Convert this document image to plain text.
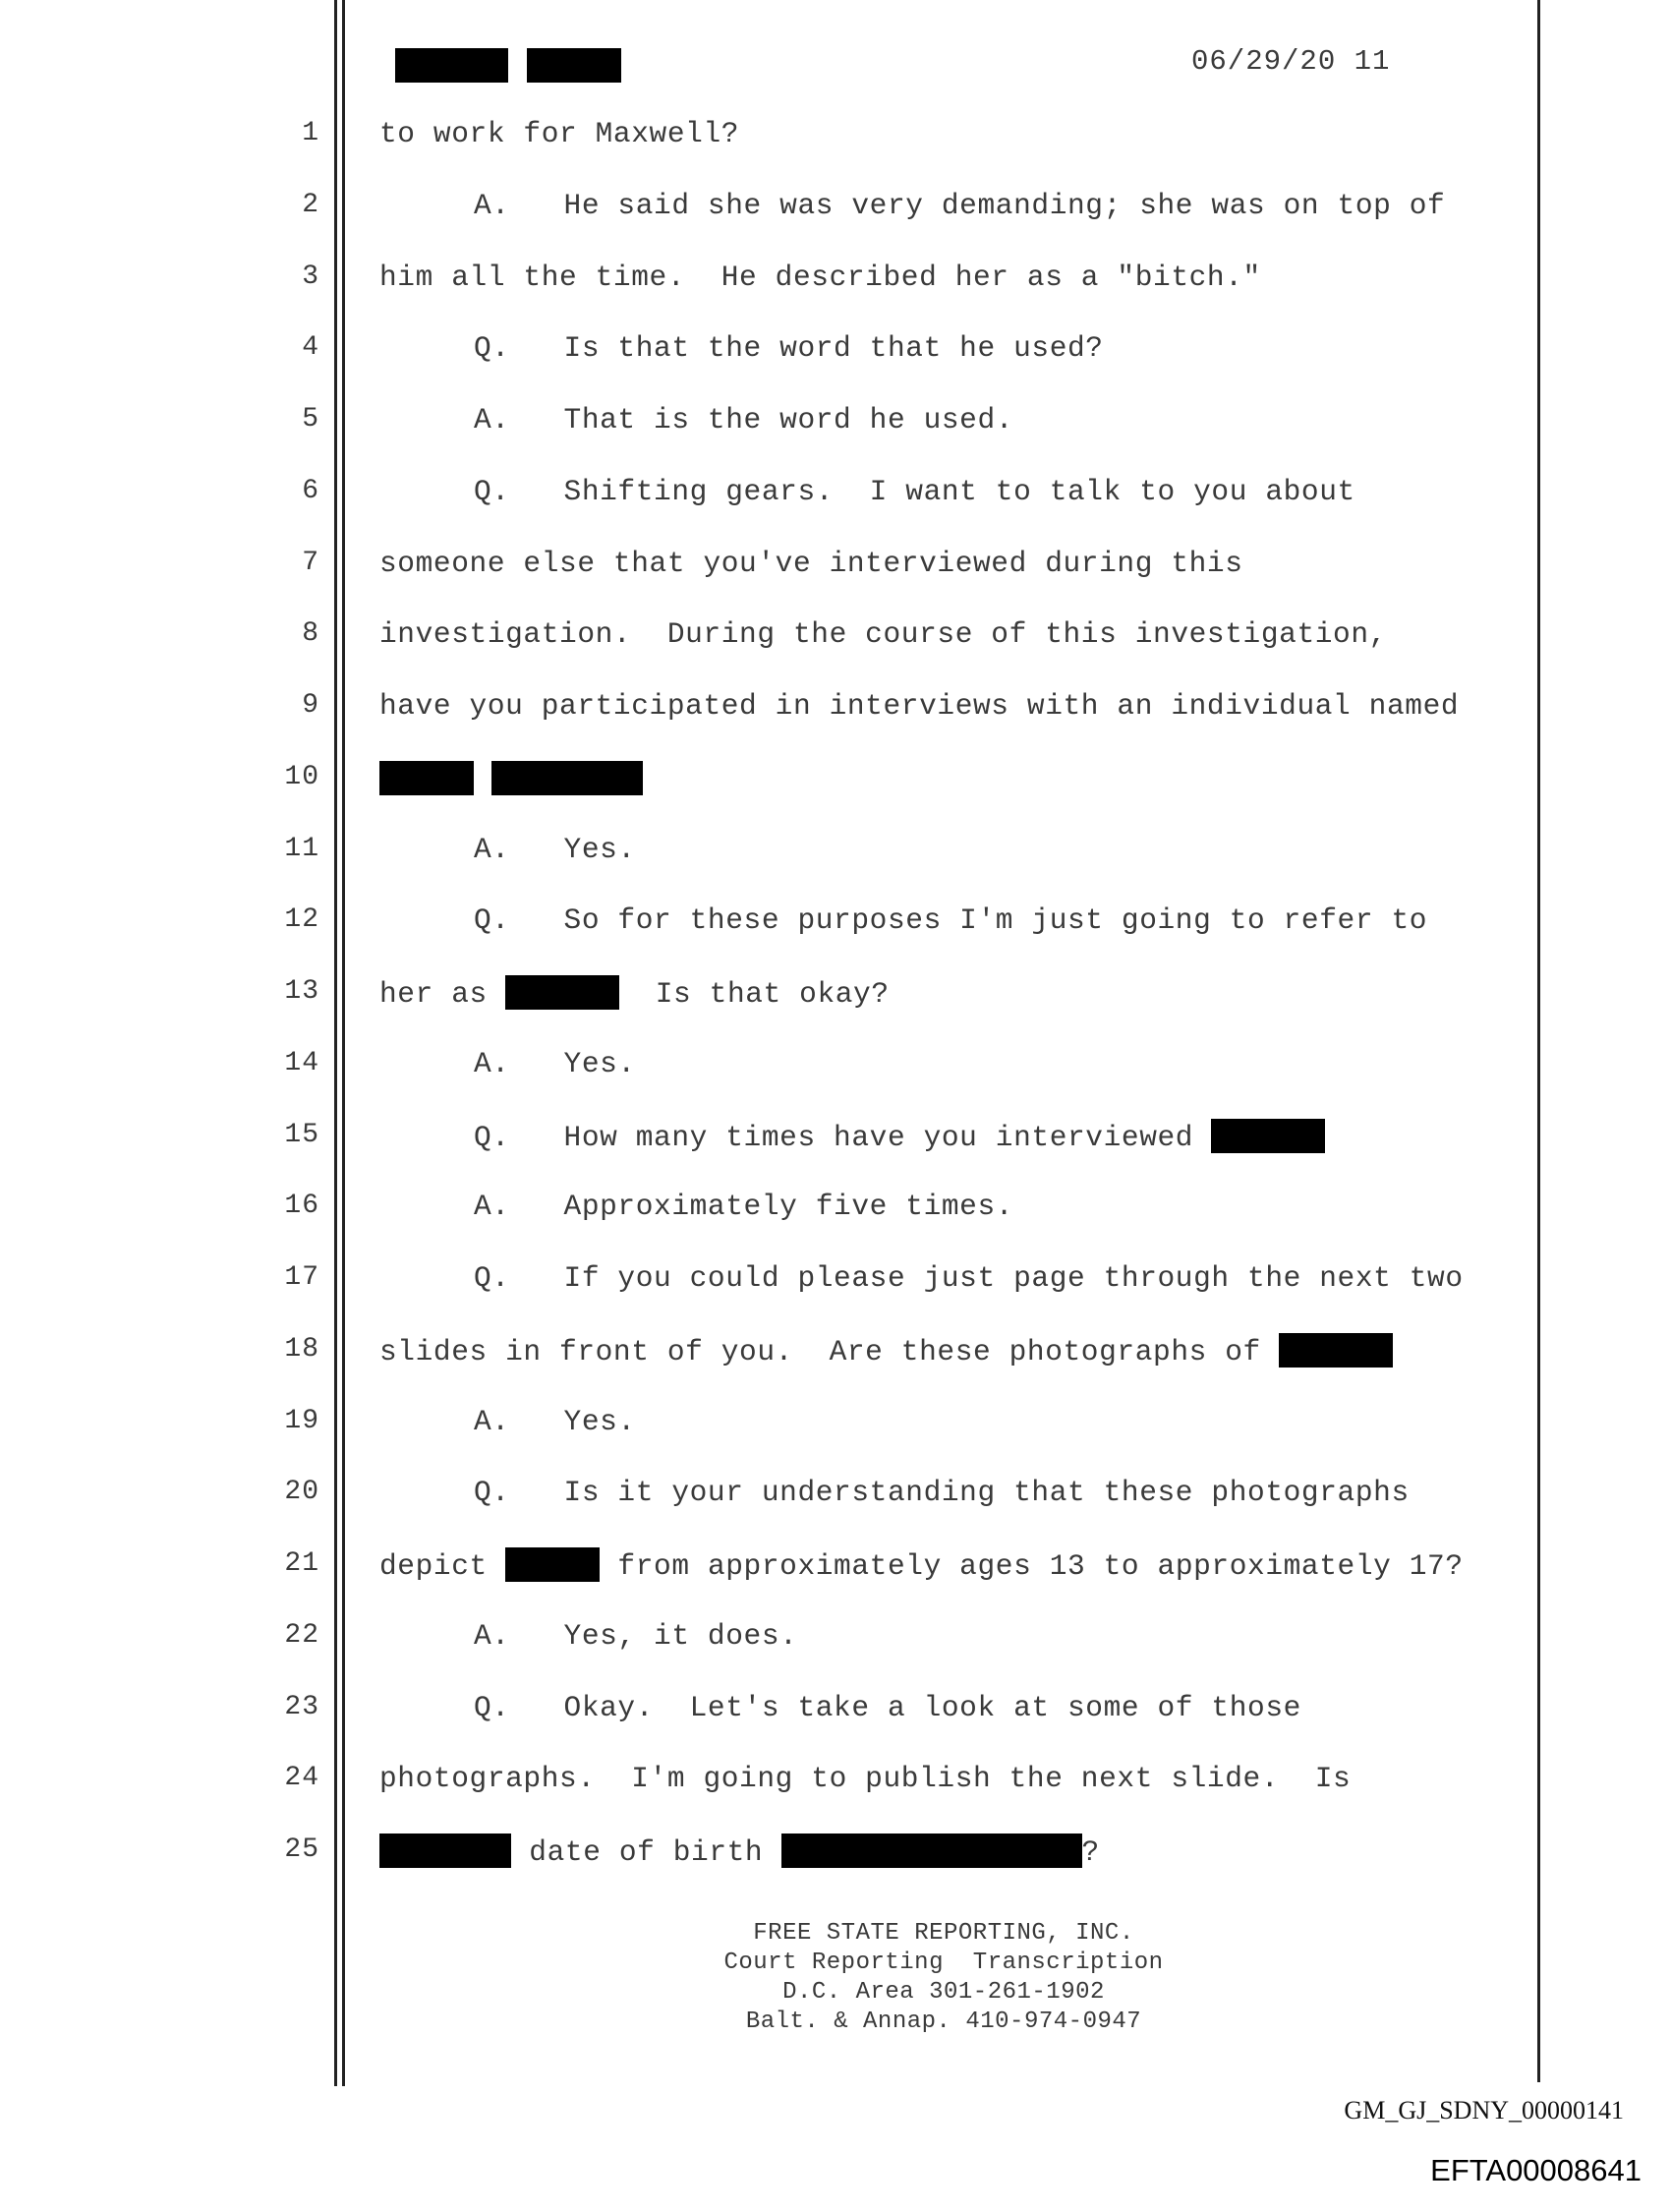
06/29/20 11
1 to work for Maxwell?
2	A.   He said she was very demanding; she was on top of
3 him all the time.  He described her as a "bitch."
4	Q.   Is that the word that he used?
5	A.   That is the word he used.
6	Q.   Shifting gears.  I want to talk to you about
7 someone else that you've interviewed during this
8 investigation.  During the course of this investigation,
9 have you participated in interviews with an individual named
10

11	A.   Yes.
12	Q.   So for these purposes I'm just going to refer to
13 her as	Is that okay?
14	A.   Yes.
15	Q.   How many times have you interviewed
16	A.   Approximately five times.
17	Q.   If you could please just page through the next two
18 slides in front of you.  Are these photographs of
19	A.   Yes.
20	Q.   Is it your understanding that these photographs
21 depict	from approximately ages 13 to approximately 17?
22	A.   Yes, it does.
23	Q.   Okay.  Let's take a look at some of those
24 photographs.  I'm going to publish the next slide.  Is
25	date of birth	?
FREE STATE REPORTING, INC.
Court Reporting  Transcription
D.C. Area 301-261-1902
Balt. & Annap. 410-974-0947
GM_GJ_SDNY_00000141
EFTA00008641
